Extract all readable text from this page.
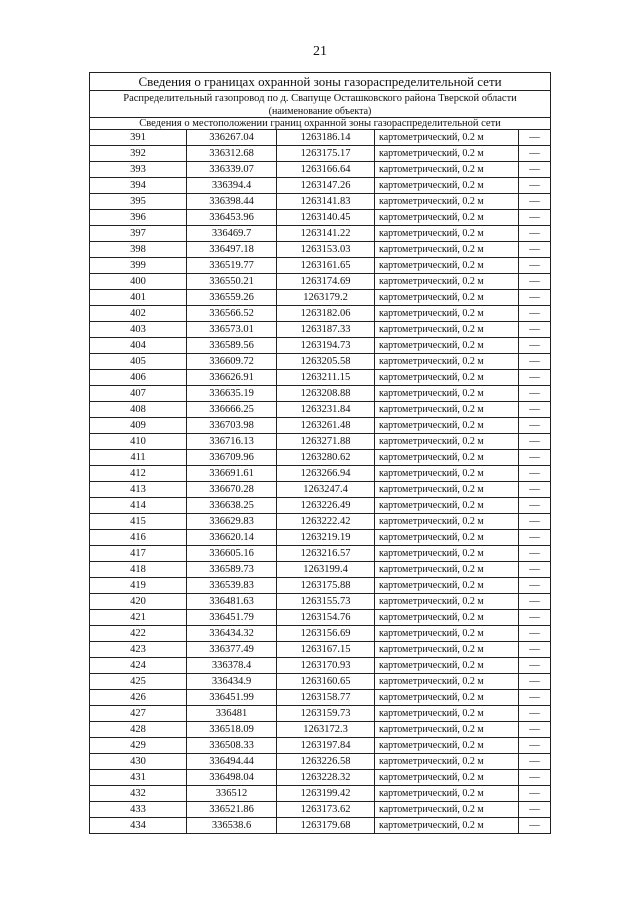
21
Сведения о границах охранной зоны газораспределительной сети				
Распределительный газопровод по д. Свапуще Осташковского района Тверской области				
(наименование объекта)				
Сведения о местоположении границ охранной зоны газораспределительной сети				
391	336267.04	1263186.14	картометрический, 0.2 м	—
392	336312.68	1263175.17	картометрический, 0.2 м	—
393	336339.07	1263166.64	картометрический, 0.2 м	—
394	336394.4	1263147.26	картометрический, 0.2 м	—
395	336398.44	1263141.83	картометрический, 0.2 м	—
396	336453.96	1263140.45	картометрический, 0.2 м	—
397	336469.7	1263141.22	картометрический, 0.2 м	—
398	336497.18	1263153.03	картометрический, 0.2 м	—
399	336519.77	1263161.65	картометрический, 0.2 м	—
400	336550.21	1263174.69	картометрический, 0.2 м	—
401	336559.26	1263179.2	картометрический, 0.2 м	—
402	336566.52	1263182.06	картометрический, 0.2 м	—
403	336573.01	1263187.33	картометрический, 0.2 м	—
404	336589.56	1263194.73	картометрический, 0.2 м	—
405	336609.72	1263205.58	картометрический, 0.2 м	—
406	336626.91	1263211.15	картометрический, 0.2 м	—
407	336635.19	1263208.88	картометрический, 0.2 м	—
408	336666.25	1263231.84	картометрический, 0.2 м	—
409	336703.98	1263261.48	картометрический, 0.2 м	—
410	336716.13	1263271.88	картометрический, 0.2 м	—
411	336709.96	1263280.62	картометрический, 0.2 м	—
412	336691.61	1263266.94	картометрический, 0.2 м	—
413	336670.28	1263247.4	картометрический, 0.2 м	—
414	336638.25	1263226.49	картометрический, 0.2 м	—
415	336629.83	1263222.42	картометрический, 0.2 м	—
416	336620.14	1263219.19	картометрический, 0.2 м	—
417	336605.16	1263216.57	картометрический, 0.2 м	—
418	336589.73	1263199.4	картометрический, 0.2 м	—
419	336539.83	1263175.88	картометрический, 0.2 м	—
420	336481.63	1263155.73	картометрический, 0.2 м	—
421	336451.79	1263154.76	картометрический, 0.2 м	—
422	336434.32	1263156.69	картометрический, 0.2 м	—
423	336377.49	1263167.15	картометрический, 0.2 м	—
424	336378.4	1263170.93	картометрический, 0.2 м	—
425	336434.9	1263160.65	картометрический, 0.2 м	—
426	336451.99	1263158.77	картометрический, 0.2 м	—
427	336481	1263159.73	картометрический, 0.2 м	—
428	336518.09	1263172.3	картометрический, 0.2 м	—
429	336508.33	1263197.84	картометрический, 0.2 м	—
430	336494.44	1263226.58	картометрический, 0.2 м	—
431	336498.04	1263228.32	картометрический, 0.2 м	—
432	336512	1263199.42	картометрический, 0.2 м	—
433	336521.86	1263173.62	картометрический, 0.2 м	—
434	336538.6	1263179.68	картометрический, 0.2 м	—
